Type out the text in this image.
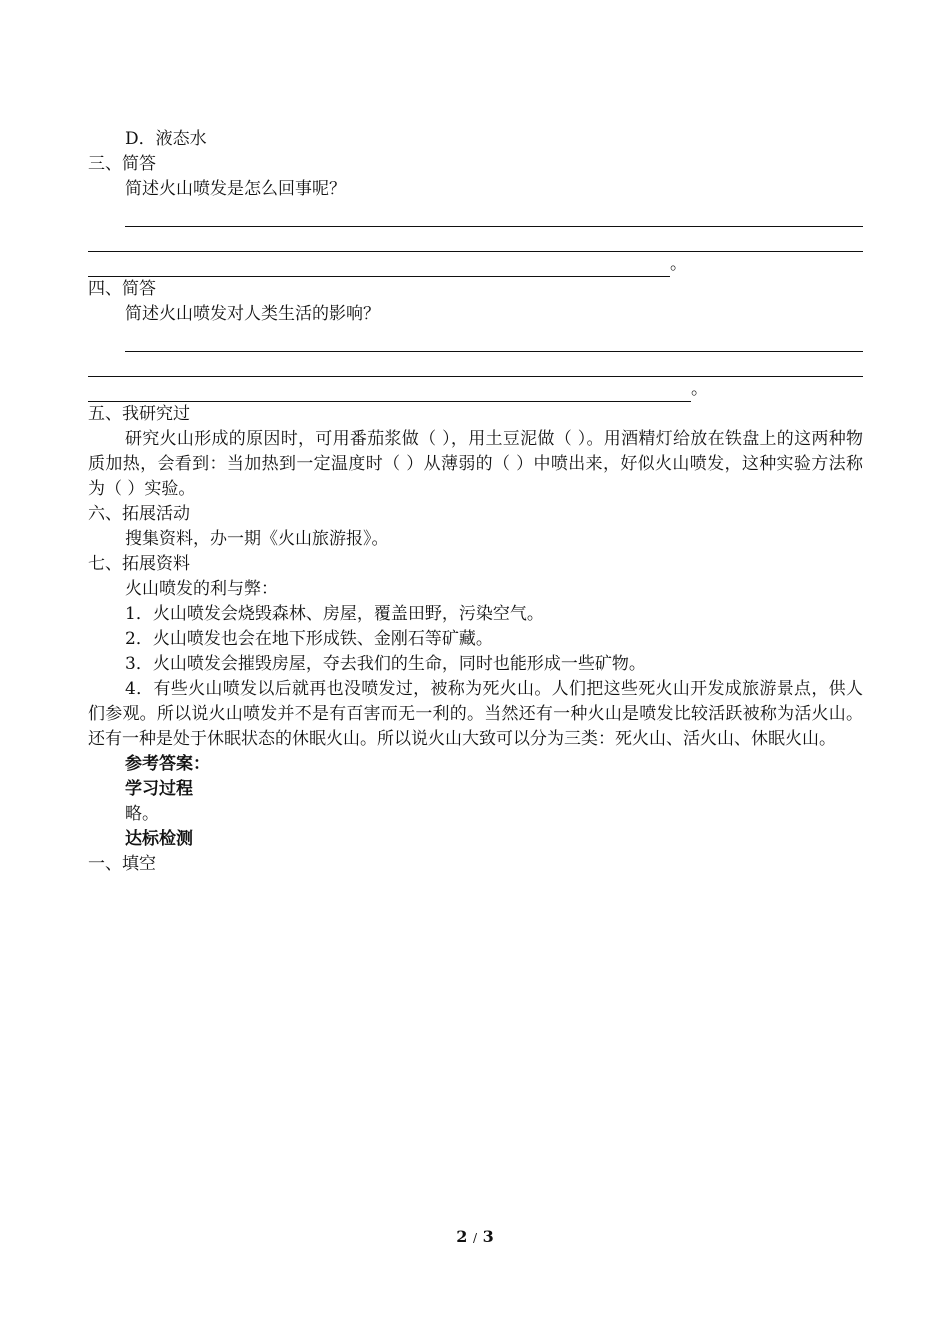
D．液态水
三、简答
简述火山喷发是怎么回事呢？
。
四、简答
简述火山喷发对人类生活的影响？
。
五、我研究过
研究火山形成的原因时，可用番茄浆做（ ），用土豆泥做（ ）。用酒精灯给放在铁盘上的这两种物质加热，会看到：当加热到一定温度时（ ）从薄弱的（ ）中喷出来，好似火山喷发，这种实验方法称为（ ）实验。
六、拓展活动
搜集资料，办一期《火山旅游报》。
七、拓展资料
火山喷发的利与弊：
1．火山喷发会烧毁森林、房屋，覆盖田野，污染空气。
2．火山喷发也会在地下形成铁、金刚石等矿藏。
3．火山喷发会摧毁房屋，夺去我们的生命，同时也能形成一些矿物。
4．有些火山喷发以后就再也没喷发过，被称为死火山。人们把这些死火山开发成旅游景点，供人们参观。所以说火山喷发并不是有百害而无一利的。当然还有一种火山是喷发比较活跃被称为活火山。还有一种是处于休眠状态的休眠火山。所以说火山大致可以分为三类：死火山、活火山、休眠火山。
参考答案：
学习过程
略。
达标检测
一、填空
2 / 3
